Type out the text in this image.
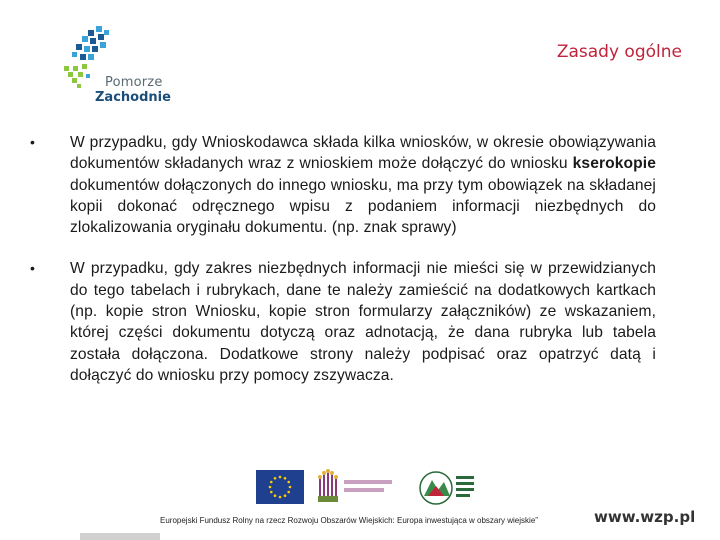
Pomorze
Zachodnie
Zasady ogólne
• W przypadku, gdy Wnioskodawca składa kilka wniosków, w okresie obowiązywania dokumentów składanych wraz z wnioskiem może dołączyć do wniosku kserokopie dokumentów dołączonych do innego wniosku, ma przy tym obowiązek na składanej kopii dokonać odręcznego wpisu z podaniem informacji niezbędnych do zlokalizowania oryginału dokumentu. (np. znak sprawy)
• W przypadku, gdy zakres niezbędnych informacji nie mieści się w przewidzianych do tego tabelach i rubrykach, dane te należy zamieścić na dodatkowych kartkach (np. kopie stron Wniosku, kopie stron formularzy załączników) ze wskazaniem, której części dokumentu dotyczą oraz adnotacją, że dana rubryka lub tabela została dołączona. Dodatkowe strony należy podpisać oraz opatrzyć datą i dołączyć do wniosku przy pomocy zszywacza.
Europejski Fundusz Rolny na rzecz Rozwoju Obszarów Wiejskich: Europa inwestująca w obszary wiejskie”	www.wzp.pl
